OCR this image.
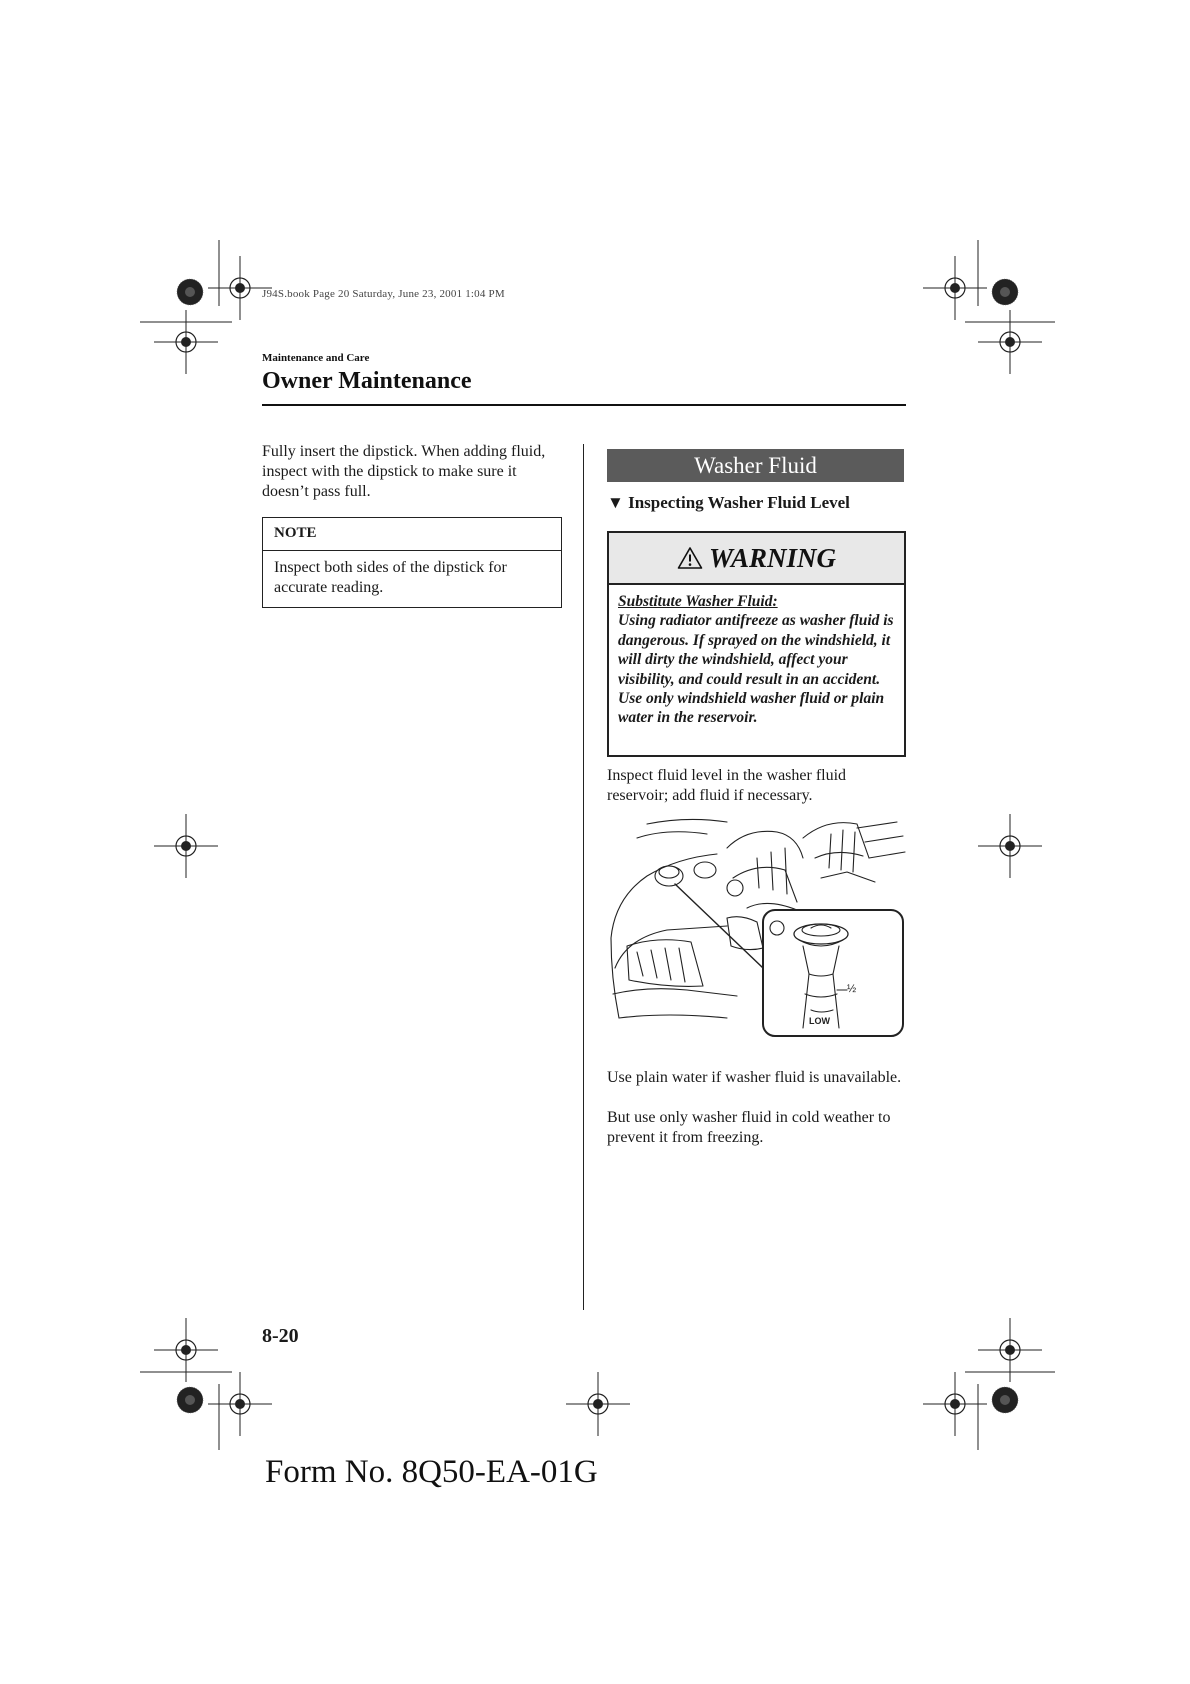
J94S.book Page 20 Saturday, June 23, 2001 1:04 PM
Maintenance and Care
Owner Maintenance

Fully insert the dipstick. When adding fluid, inspect with the dipstick to make sure it doesn’t pass full.

NOTE

Inspect both sides of the dipstick for accurate reading.

Washer Fluid
▼ Inspecting Washer Fluid Level
WARNING
Substitute Washer Fluid:
Using radiator antifreeze as washer fluid is dangerous. If sprayed on the windshield, it will dirty the windshield, affect your visibility, and could result in an accident. Use only windshield washer fluid or plain water in the reservoir.

Inspect fluid level in the washer fluid reservoir; add fluid if necessary.

½
LOW

Use plain water if washer fluid is unavailable.

But use only washer fluid in cold weather to prevent it from freezing.

8-20
Form No. 8Q50-EA-01G
